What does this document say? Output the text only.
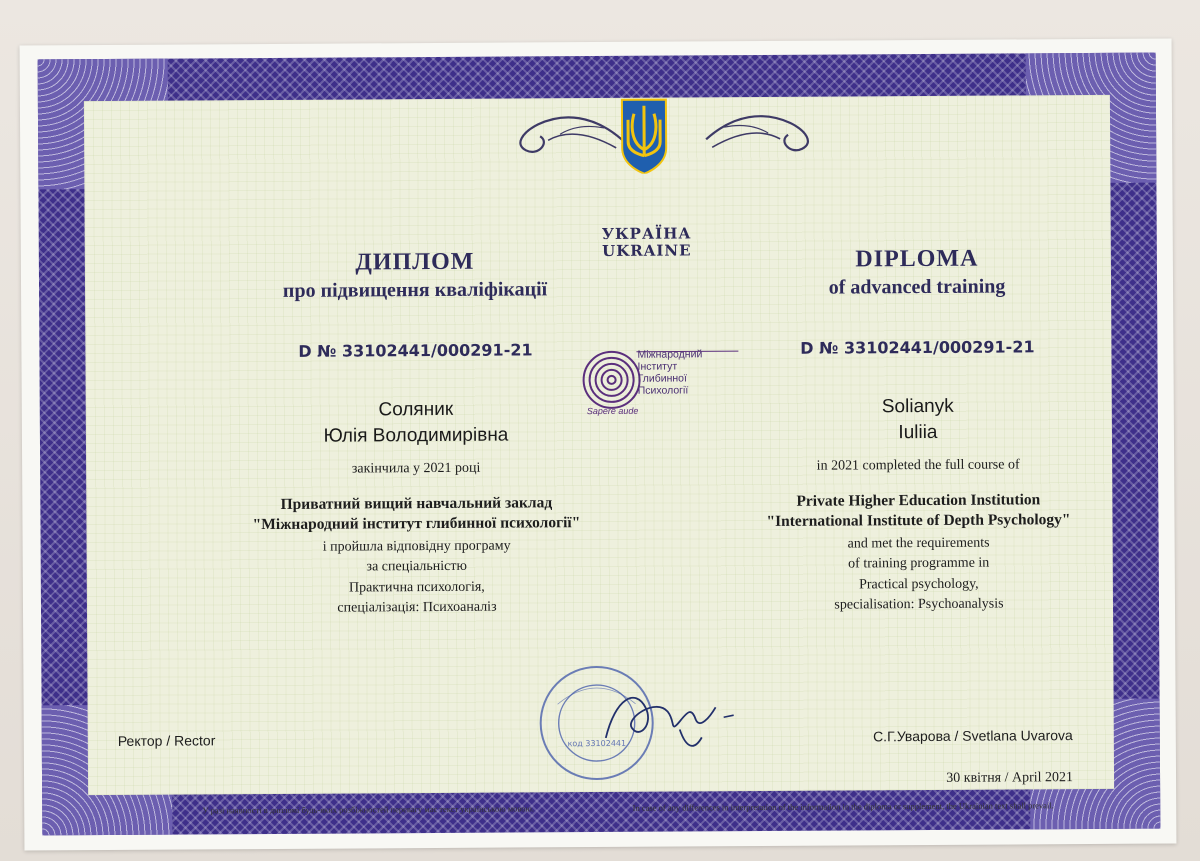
УКРАЇНА
UKRAINE
ДИПЛОМ
про підвищення кваліфікації
D № 33102441/000291-21
Соляник
Юлія Володимирівна
закінчила у 2021 році
Приватний вищий навчальний заклад
"Міжнародний інститут глибинної психології"
і пройшла відповідну програму
за спеціальністю
Практична психологія,
спеціалізація: Психоаналіз
Ректор / Rector
У разі наявності в дипломі будь-яких розбіжностей перевагу має текст українською мовою.
Sapere aude
Міжнародний
Інститут
Глибинної
Психології
DIPLOMA
of advanced training
D № 33102441/000291-21
Solianyk
Iuliia
in 2021 completed the full course of
Private Higher Education Institution
"International Institute of Depth Psychology"
and met the requirements
of training programme in
Practical psychology,
specialisation: Psychoanalysis
С.Г.Уварова / Svetlana Uvarova
30 квітня / April 2021
In case of any differences in interpretation of the information in the diploma or supplement, the Ukrainian text shall prevail.
код 33102441
